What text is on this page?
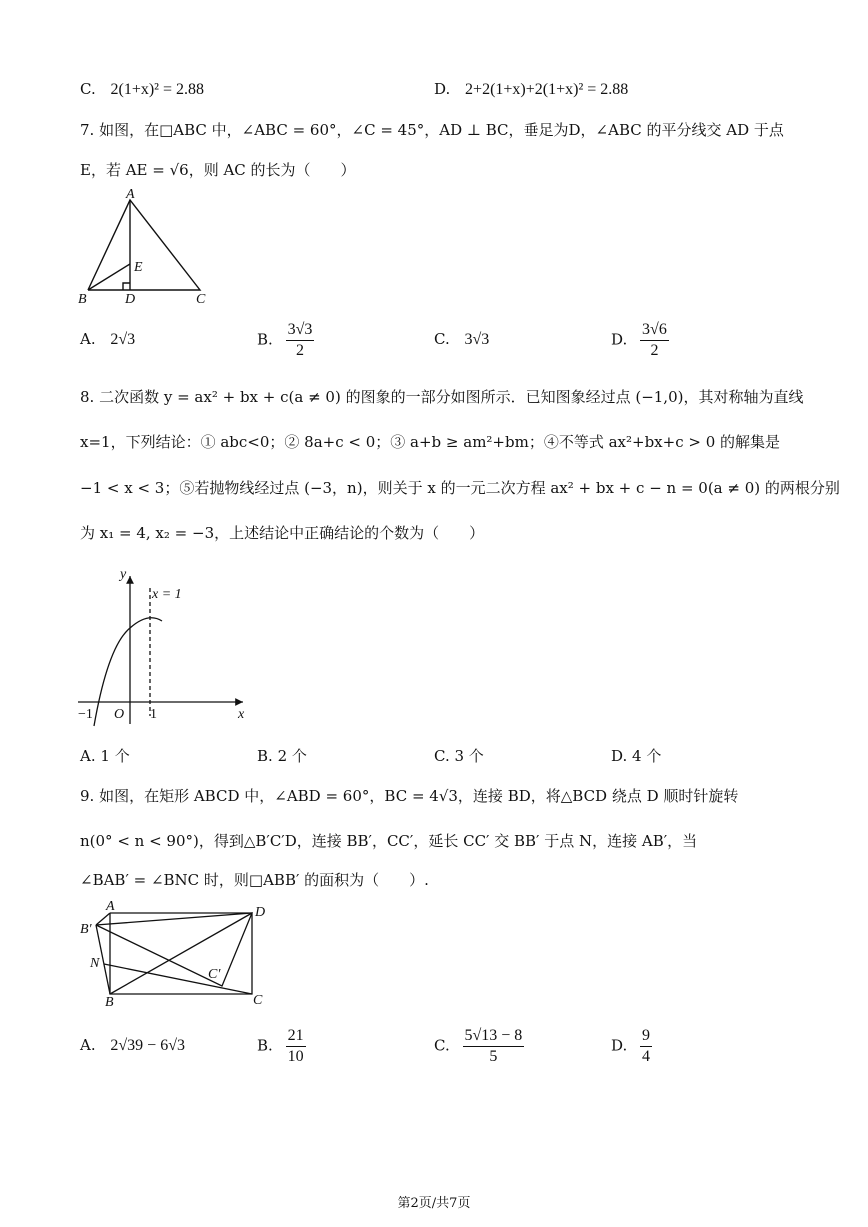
C. 2(1+x)² = 2.88	D. 2+2(1+x)+2(1+x)² = 2.88
7. 如图，在□ABC 中，∠ABC = 60°，∠C = 45°，AD ⊥ BC，垂足为D，∠ABC 的平分线交 AD 于点
E，若 AE = √6，则 AC 的长为（　　）
A
E
B	D	C
A. 2√3	B. $\frac{3√3}{2}$	C. 3√3	D. $\frac{3√6}{2}$
8. 二次函数 y = ax² + bx + c(a ≠ 0) 的图象的一部分如图所示．已知图象经过点 (−1,0)，其对称轴为直线
x=1，下列结论：① abc<0；② 8a+c < 0；③ a+b ≥ am²+bm；④不等式 ax²+bx+c > 0 的解集是
−1 < x < 3；⑤若抛物线经过点 (−3，n)，则关于 x 的一元二次方程 ax² + bx + c − n = 0(a ≠ 0) 的两根分别
为 x₁ = 4, x₂ = −3，上述结论中正确结论的个数为（　　）
y
x
x = 1
−1 O 1
A. 1 个	B. 2 个	C. 3 个	D. 4 个
9. 如图，在矩形 ABCD 中，∠ABD = 60°，BC = 4√3，连接 BD，将△BCD 绕点 D 顺时针旋转
n(0° < n < 90°)，得到△B′C′D，连接 BB′，CC′，延长 CC′ 交 BB′ 于点 N，连接 AB′，当
∠BAB′ = ∠BNC 时，则□ABB′ 的面积为（　　）.
A	D
B′
N
C′
B	C
A. 2√39 − 6√3	B. $\frac{21}{10}$	C. $\frac{5√13 - 8}{5}$	D. $\frac{9}{4}$
第2页/共7页
